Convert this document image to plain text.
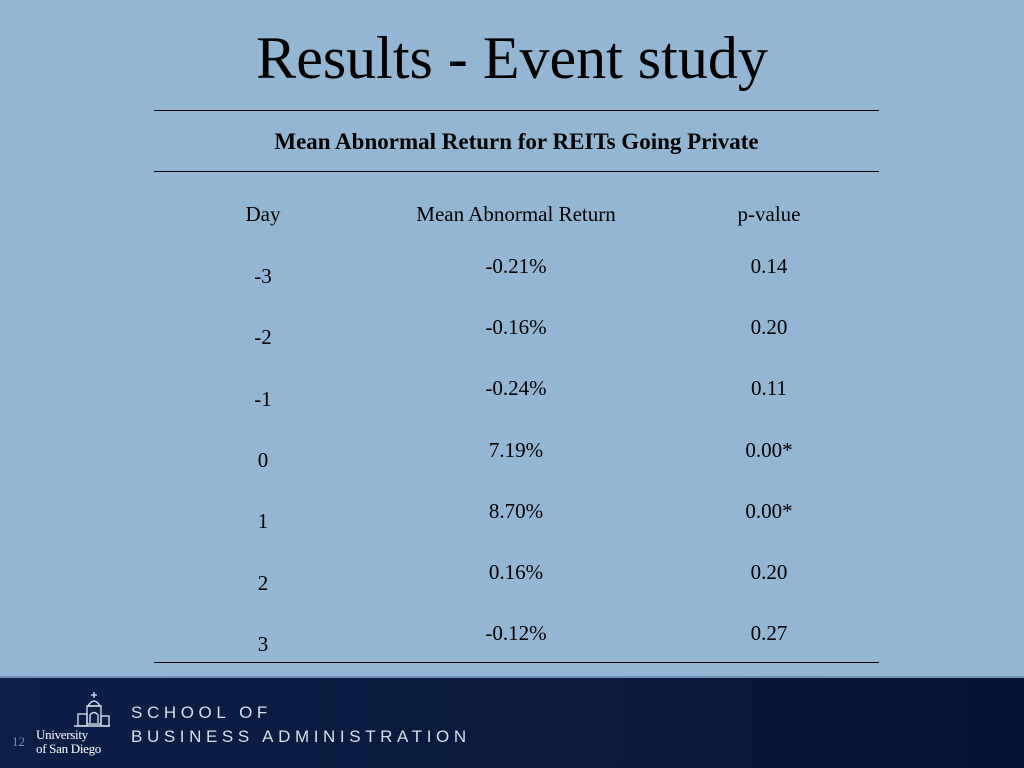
Results - Event study
Mean Abnormal Return for REITs Going Private
Day	Mean Abnormal Return	p-value
-3	-0.21%	0.14
-2	-0.16%	0.20
-1	-0.24%	0.11
0	7.19%	0.00*
1	8.70%	0.00*
2	0.16%	0.20
3	-0.12%	0.27
University
of San Diego
SCHOOL OF
BUSINESS ADMINISTRATION
12
